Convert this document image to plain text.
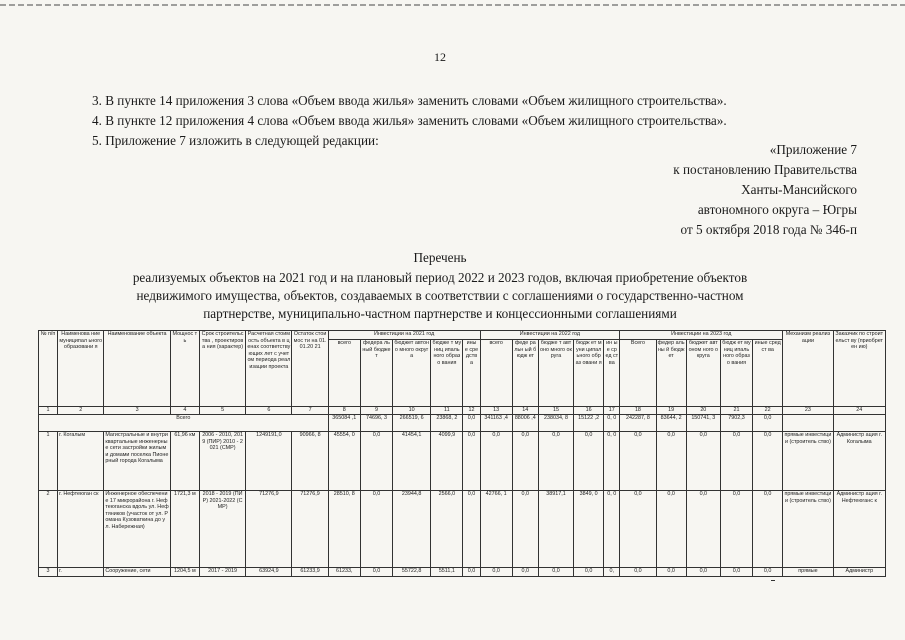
12
3. В пункте 14 приложения 3 слова «Объем ввода жилья» заменить словами «Объем жилищного строительства».
4. В пункте 12 приложения 4 слова «Объем ввода жилья» заменить словами «Объем жилищного строительства».
5. Приложение 7 изложить в следующей редакции:
«Приложение 7
к постановлению Правительства
Ханты-Мансийского
автономного округа – Югры
от 5 октября 2018 года № 346-п
Перечень
реализуемых объектов на 2021 год и на плановый период 2022 и 2023 годов, включая приобретение объектов
недвижимого имущества, объектов, создаваемых в соответствии с соглашениями о государственно-частном
партнерстве, муниципально-частном партнерстве и концессионными соглашениями
№ п/п	Наименова ние муниципал ьного образовани я	Наименование объекта	Мощнос ть	Срок строительства , проектирова ния (характер)	Расчетная стоимость объекта в ценах соответству ющих лет с учетом периода реализации проекта	Остаток стоимос ти на 01.01.20 21	Инвестиции на 2021 год					Инвестиции на 2022 год					Инвестиции на 2023 год					Механизм реализации	Заказчик по строительст ву (приобретен ию)
							всего	федера льный бюдже т	бюджет автоно много округа	бюдже т муниц ипаль ного образо вания	ины е сре дств а	всего	феде ральн ый бюдж ет	бюдже т автоно много округа	бюдж ет муни ципал ьного образ овани я	ин ые ср ед ст ва	Всего	федер альны й бюдж ет	бюджет автоном ного округа	бюдж ет муниц ипаль ного образо вания	иные средст ва		
1	2	3	4	5	6	7	8	9	10	11	12	13	14	15	16	17	18	19	20	21	22	23	24
Всего							365084 ,1	74696, 3	266519, 6	23868, 2	0,0	341163 ,4	88006 ,4	238034, 8	15122 ,2	0, 0	242287, 8	83644, 2	150741, 3	7902,3	0,0		
1	г. Когалым	Магистральные и внутриквартальные инженерные сети застройки жилыми домами поселка Пионерный города Когалыма	61,96 км	2006 - 2010, 2019 (ПИР) 2010 - 2021 (СМР)	1249191,0	90966, 8	45554, 0	0,0	41454,1	4099,9	0,0	0,0	0,0	0,0	0,0	0, 0	0,0	0,0	0,0	0,0	0,0	прямые инвестици и (строитель ство)	Администр ация г. Когалыма
2	г. Нефтеюган ск	Инженерное обеспечение 17 микрорайона г. Нефтеюганска вдоль ул. Нефтяников (участок от ул. Романа Кузоваткина до ул. Набережная)	1721,3 м	2018 - 2019 (ПИР) 2021-2022 (СМР)	71276,9	71276,9	28510, 8	0,0	23944,8	2566,0	0,0	42766, 1	0,0	38917,1	3849, 0	0, 0	0,0	0,0	0,0	0,0	0,0	прямые инвестици и (строитель ство)	Администр ация г. Нефтеюганс к
3	г.	Сооружение, сети	1204,5 м	2017 - 2019	63924,9	61233,9	61233,	0,0	55722,8	5511,1	0,0	0,0	0,0	0,0	0,0	0,	0,0	0,0	0,0	0,0	0,0	прямые	Администр
